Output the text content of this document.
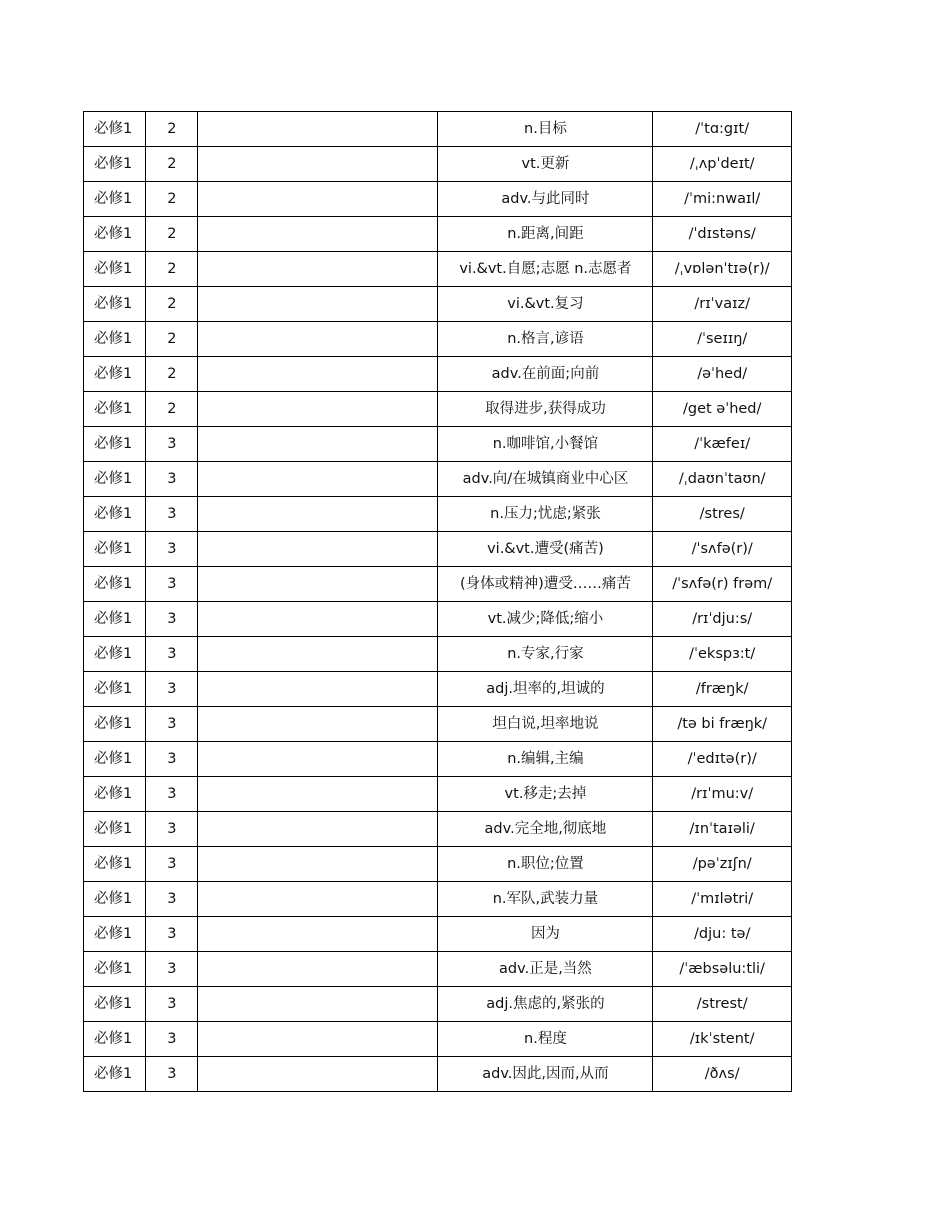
必修1	2		n.目标	/ˈtɑ:gɪt/
必修1	2		vt.更新	/ˌʌpˈdeɪt/
必修1	2		adv.与此同时	/ˈmi:nwaɪl/
必修1	2		n.距离,间距	/ˈdɪstəns/
必修1	2		vi.&vt.自愿;志愿 n.志愿者	/ˌvɒlənˈtɪə(r)/
必修1	2		vi.&vt.复习	/rɪˈvaɪz/
必修1	2		n.格言,谚语	/ˈseɪɪŋ/
必修1	2		adv.在前面;向前	/əˈhed/
必修1	2		取得进步,获得成功	/get əˈhed/
必修1	3		n.咖啡馆,小餐馆	/ˈkæfeɪ/
必修1	3		adv.向/在城镇商业中心区	/ˌdaʊnˈtaʊn/
必修1	3		n.压力;忧虑;紧张	/stres/
必修1	3		vi.&vt.遭受(痛苦)	/ˈsʌfə(r)/
必修1	3		(身体或精神)遭受……痛苦	/ˈsʌfə(r) frəm/
必修1	3		vt.减少;降低;缩小	/rɪˈdju:s/
必修1	3		n.专家,行家	/ˈekspɜ:t/
必修1	3		adj.坦率的,坦诚的	/fræŋk/
必修1	3		坦白说,坦率地说	/tə bi fræŋk/
必修1	3		n.编辑,主编	/ˈedɪtə(r)/
必修1	3		vt.移走;去掉	/rɪˈmu:v/
必修1	3		adv.完全地,彻底地	/ɪnˈtaɪəli/
必修1	3		n.职位;位置	/pəˈzɪʃn/
必修1	3		n.军队,武装力量	/ˈmɪlətri/
必修1	3		因为	/dju: tə/
必修1	3		adv.正是,当然	/ˈæbsəlu:tli/
必修1	3		adj.焦虑的,紧张的	/strest/
必修1	3		n.程度	/ɪkˈstent/
必修1	3		adv.因此,因而,从而	/ðʌs/
